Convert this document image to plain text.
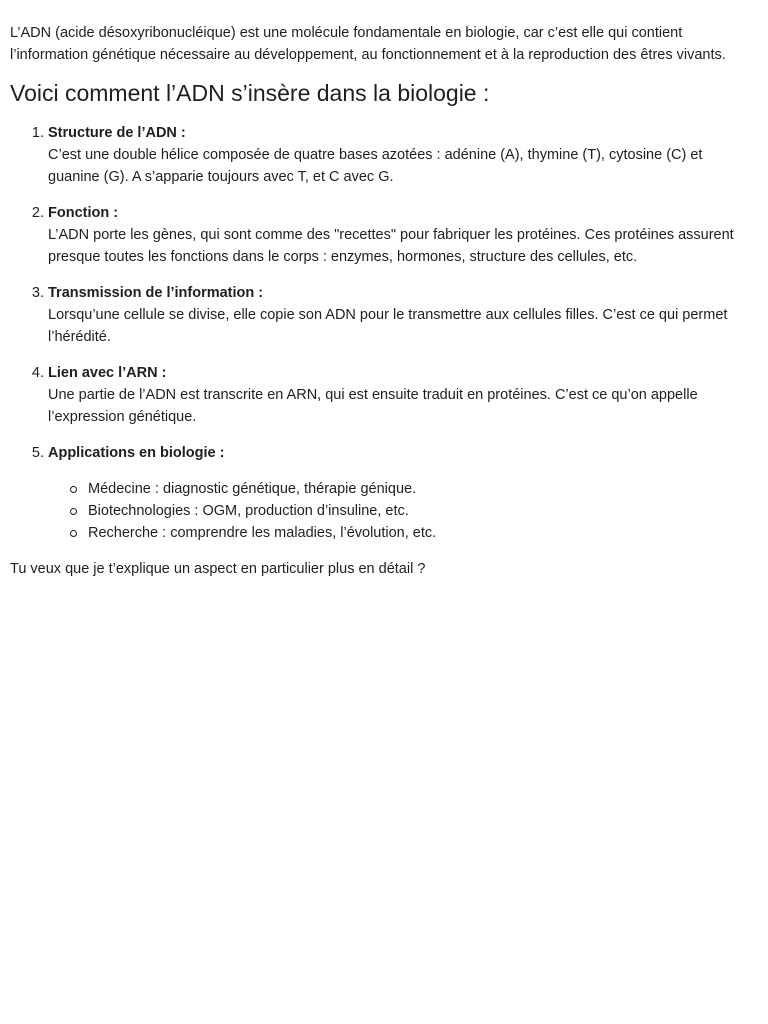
L’ADN (acide désoxyribonucléique) est une molécule fondamentale en biologie, car c’est elle qui contient l’information génétique nécessaire au développement, au fonctionnement et à la reproduction des êtres vivants.

Voici comment l’ADN s’insère dans la biologie :
1. Structure de l’ADN :
C’est une double hélice composée de quatre bases azotées : adénine (A), thymine (T), cytosine (C) et guanine (G). A s’apparie toujours avec T, et C avec G.
2. Fonction :
L’ADN porte les gènes, qui sont comme des "recettes" pour fabriquer les protéines. Ces protéines assurent presque toutes les fonctions dans le corps : enzymes, hormones, structure des cellules, etc.
3. Transmission de l’information :
Lorsqu’une cellule se divise, elle copie son ADN pour le transmettre aux cellules filles. C’est ce qui permet l’hérédité.
4. Lien avec l’ARN :
Une partie de l’ADN est transcrite en ARN, qui est ensuite traduit en protéines. C’est ce qu’on appelle l’expression génétique.
5. Applications en biologie :
Médecine : diagnostic génétique, thérapie génique.
Biotechnologies : OGM, production d’insuline, etc.
Recherche : comprendre les maladies, l’évolution, etc.

Tu veux que je t’explique un aspect en particulier plus en détail ?
